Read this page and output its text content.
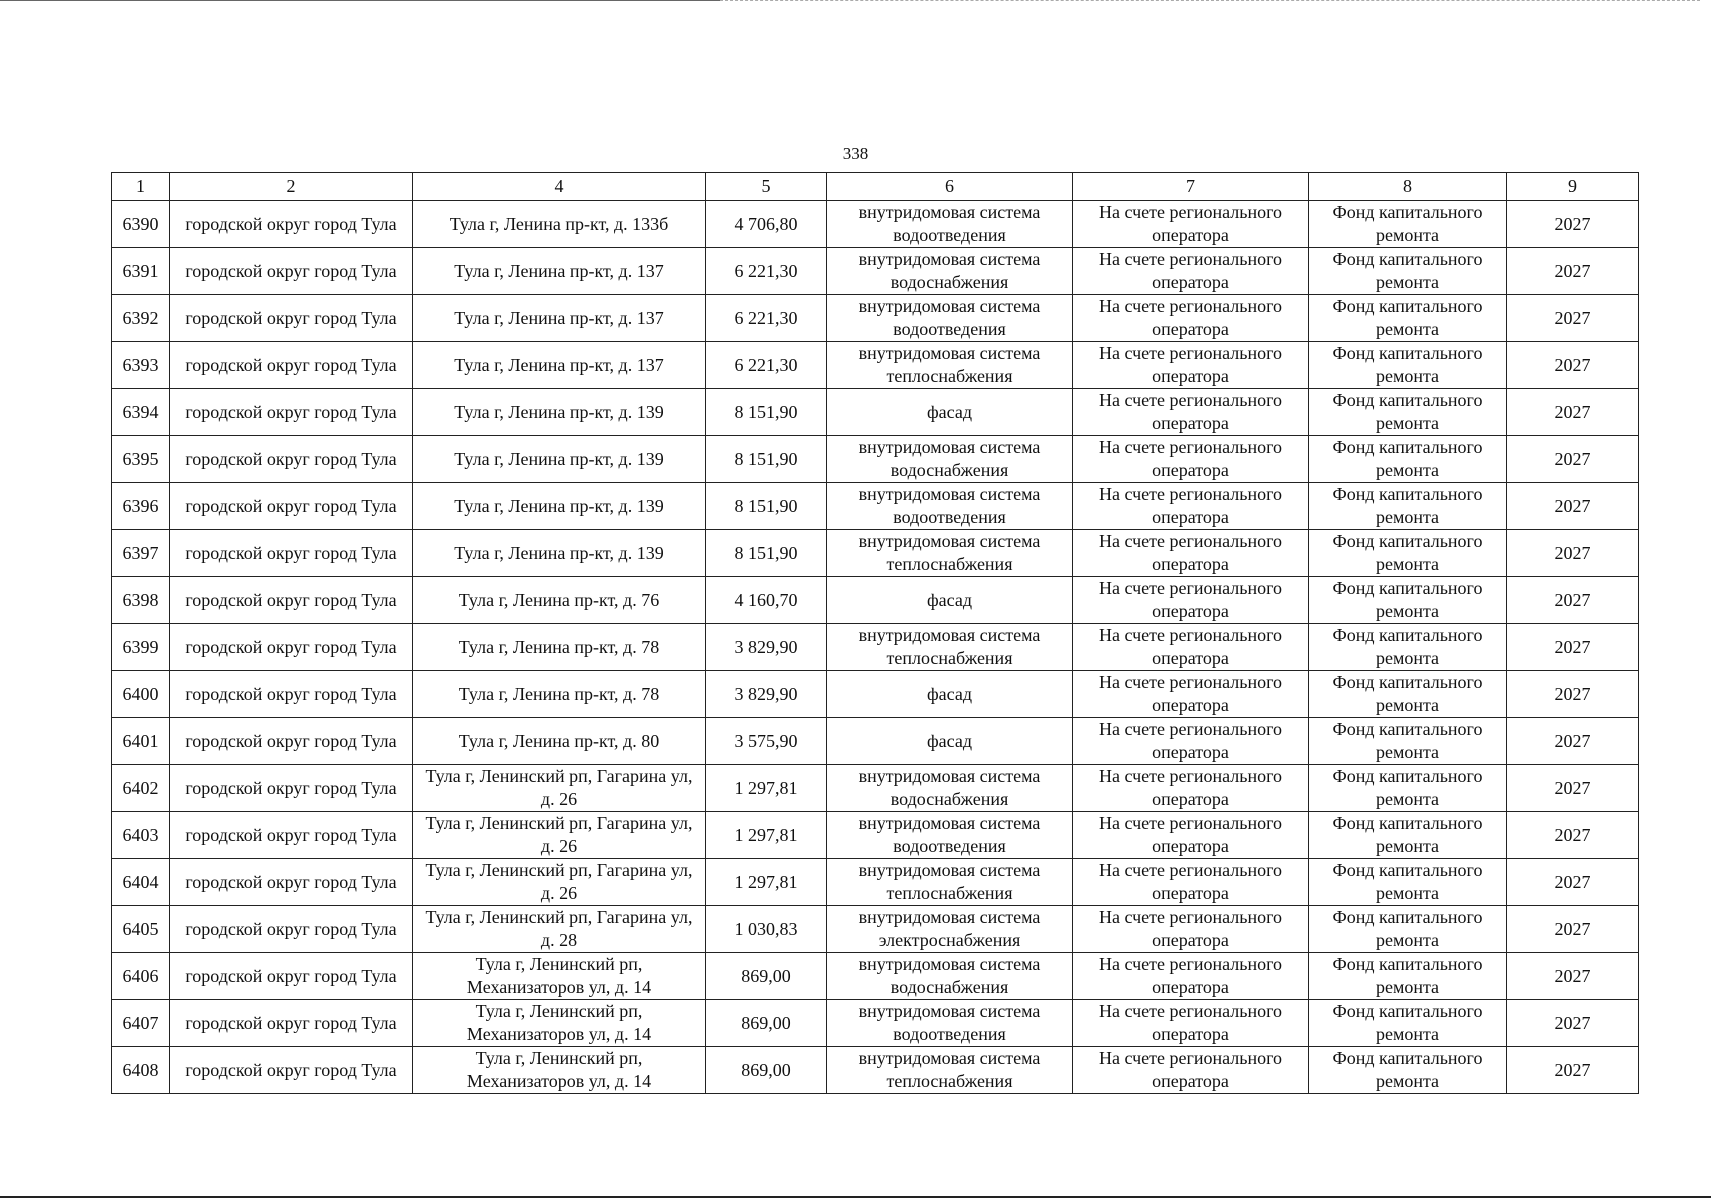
338
1	2	4	5	6	7	8	9
6390	городской округ город Тула	Тула г, Ленина пр-кт, д. 133б	4 706,80	внутридомовая система водоотведения	На счете регионального оператора	Фонд капитального ремонта	2027
6391	городской округ город Тула	Тула г, Ленина пр-кт, д. 137	6 221,30	внутридомовая система водоснабжения	На счете регионального оператора	Фонд капитального ремонта	2027
6392	городской округ город Тула	Тула г, Ленина пр-кт, д. 137	6 221,30	внутридомовая система водоотведения	На счете регионального оператора	Фонд капитального ремонта	2027
6393	городской округ город Тула	Тула г, Ленина пр-кт, д. 137	6 221,30	внутридомовая система теплоснабжения	На счете регионального оператора	Фонд капитального ремонта	2027
6394	городской округ город Тула	Тула г, Ленина пр-кт, д. 139	8 151,90	фасад	На счете регионального оператора	Фонд капитального ремонта	2027
6395	городской округ город Тула	Тула г, Ленина пр-кт, д. 139	8 151,90	внутридомовая система водоснабжения	На счете регионального оператора	Фонд капитального ремонта	2027
6396	городской округ город Тула	Тула г, Ленина пр-кт, д. 139	8 151,90	внутридомовая система водоотведения	На счете регионального оператора	Фонд капитального ремонта	2027
6397	городской округ город Тула	Тула г, Ленина пр-кт, д. 139	8 151,90	внутридомовая система теплоснабжения	На счете регионального оператора	Фонд капитального ремонта	2027
6398	городской округ город Тула	Тула г, Ленина пр-кт, д. 76	4 160,70	фасад	На счете регионального оператора	Фонд капитального ремонта	2027
6399	городской округ город Тула	Тула г, Ленина пр-кт, д. 78	3 829,90	внутридомовая система теплоснабжения	На счете регионального оператора	Фонд капитального ремонта	2027
6400	городской округ город Тула	Тула г, Ленина пр-кт, д. 78	3 829,90	фасад	На счете регионального оператора	Фонд капитального ремонта	2027
6401	городской округ город Тула	Тула г, Ленина пр-кт, д. 80	3 575,90	фасад	На счете регионального оператора	Фонд капитального ремонта	2027
6402	городской округ город Тула	Тула г, Ленинский рп, Гагарина ул, д. 26	1 297,81	внутридомовая система водоснабжения	На счете регионального оператора	Фонд капитального ремонта	2027
6403	городской округ город Тула	Тула г, Ленинский рп, Гагарина ул, д. 26	1 297,81	внутридомовая система водоотведения	На счете регионального оператора	Фонд капитального ремонта	2027
6404	городской округ город Тула	Тула г, Ленинский рп, Гагарина ул, д. 26	1 297,81	внутридомовая система теплоснабжения	На счете регионального оператора	Фонд капитального ремонта	2027
6405	городской округ город Тула	Тула г, Ленинский рп, Гагарина ул, д. 28	1 030,83	внутридомовая система электроснабжения	На счете регионального оператора	Фонд капитального ремонта	2027
6406	городской округ город Тула	Тула г, Ленинский рп, Механизаторов ул, д. 14	869,00	внутридомовая система водоснабжения	На счете регионального оператора	Фонд капитального ремонта	2027
6407	городской округ город Тула	Тула г, Ленинский рп, Механизаторов ул, д. 14	869,00	внутридомовая система водоотведения	На счете регионального оператора	Фонд капитального ремонта	2027
6408	городской округ город Тула	Тула г, Ленинский рп, Механизаторов ул, д. 14	869,00	внутридомовая система теплоснабжения	На счете регионального оператора	Фонд капитального ремонта	2027
